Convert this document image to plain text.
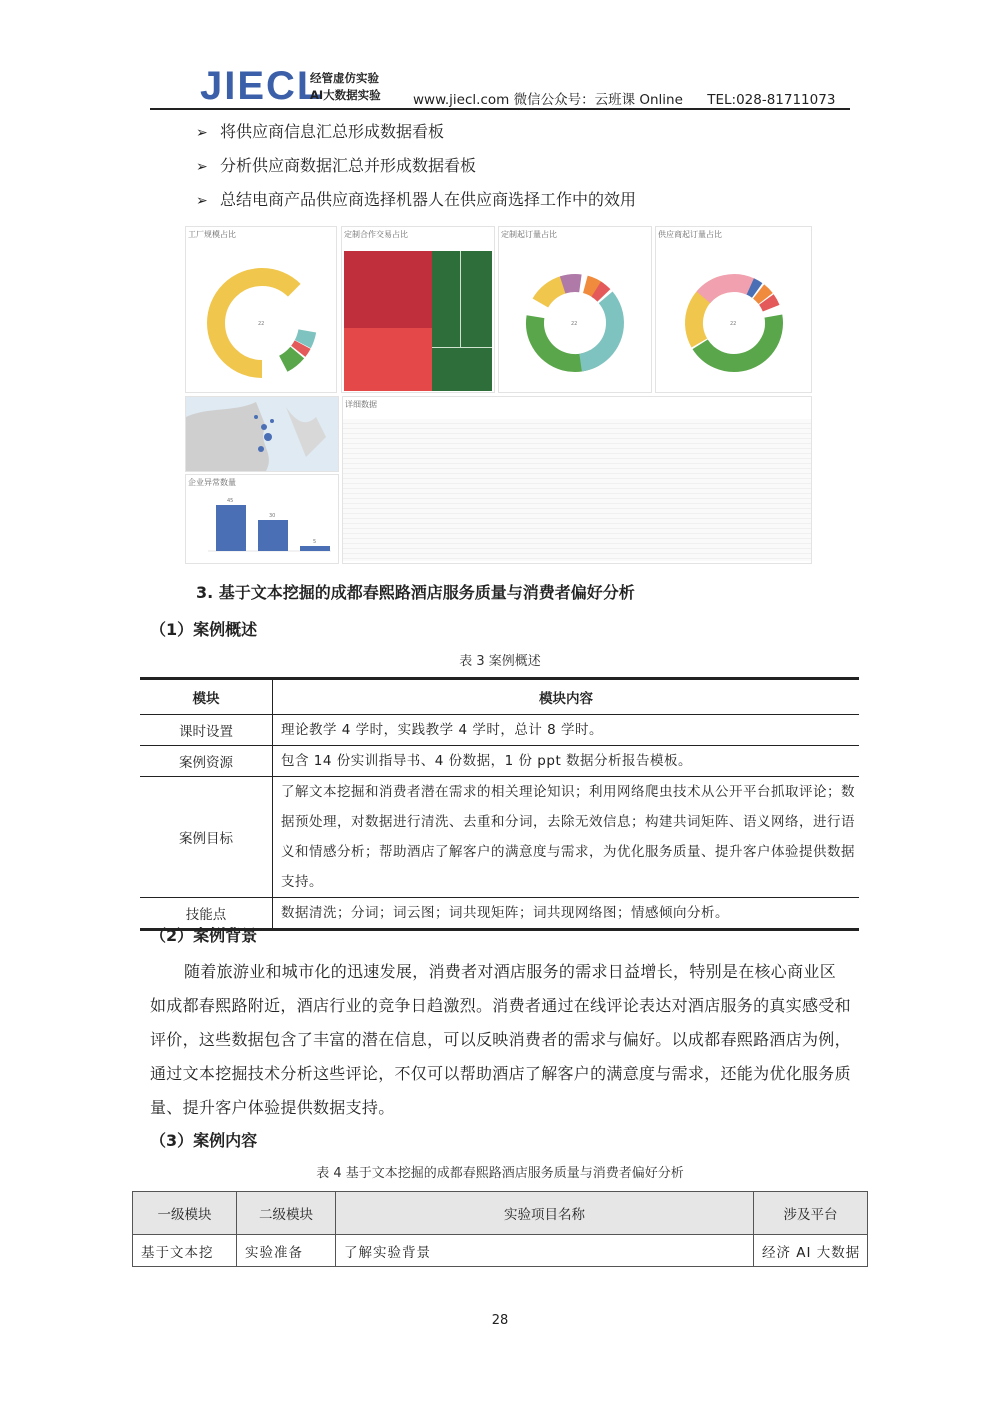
JIECL
经管虚仿实验
AI大数据实验 www.jiecl.com 微信公众号：云班课 Online TEL:028-81711073
➢ 将供应商信息汇总形成数据看板
➢ 分析供应商数据汇总并形成数据看板
➢ 总结电商产品供应商选择机器人在供应商选择工作中的效用
工厂规模占比
22
定制合作交易占比	定制起订量占比
22
供应商起订量占比
22
企业异常数量
45
30
5
详细数据
3. 基于文本挖掘的成都春熙路酒店服务质量与消费者偏好分析
（1）案例概述
表 3 案例概述
模块	模块内容
课时设置	理论教学 4 学时，实践教学 4 学时，总计 8 学时。
案例资源	包含 14 份实训指导书、4 份数据，1 份 ppt 数据分析报告模板。
案例目标	了解文本挖掘和消费者潜在需求的相关理论知识；利用网络爬虫技术从公开平台抓取评论；数据预处理，对数据进行清洗、去重和分词，去除无效信息；构建共词矩阵、语义网络，进行语义和情感分析；帮助酒店了解客户的满意度与需求，为优化服务质量、提升客户体验提供数据支持。
技能点	数据清洗；分词；词云图；词共现矩阵；词共现网络图；情感倾向分析。
（2）案例背景

随着旅游业和城市化的迅速发展，消费者对酒店服务的需求日益增长，特别是在核心商业区如成都春熙路附近，酒店行业的竞争日趋激烈。消费者通过在线评论表达对酒店服务的真实感受和评价，这些数据包含了丰富的潜在信息，可以反映消费者的需求与偏好。以成都春熙路酒店为例，通过文本挖掘技术分析这些评论，不仅可以帮助酒店了解客户的满意度与需求，还能为优化服务质量、提升客户体验提供数据支持。

（3）案例内容
表 4 基于文本挖掘的成都春熙路酒店服务质量与消费者偏好分析
一级模块	二级模块	实验项目名称	涉及平台
基于文本挖	实验准备	了解实验背景	经济 AI 大数据
28
